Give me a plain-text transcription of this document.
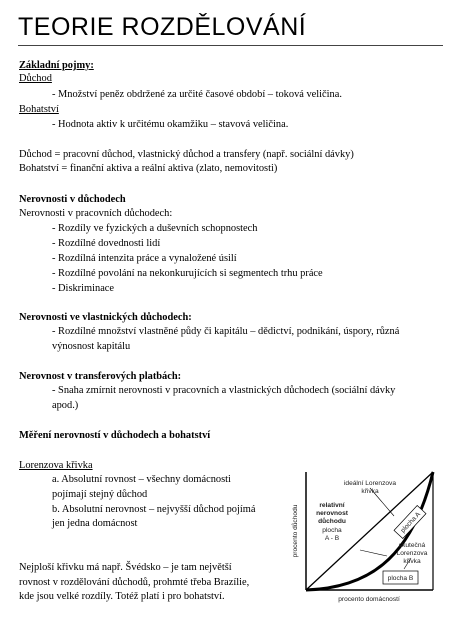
TEORIE ROZDĚLOVÁNÍ
Základní pojmy:
Důchod
- Množství peněz obdržené za určité časové období – toková veličina.
Bohatství
- Hodnota aktiv k určitému okamžiku – stavová veličina.
Důchod = pracovní důchod, vlastnický důchod a transfery (např. sociální dávky)
Bohatství = finanční aktiva a reální aktiva (zlato, nemovitosti)
Nerovnosti v důchodech
Nerovnosti v pracovních důchodech:
- Rozdíly ve fyzických a duševních schopnostech
- Rozdílné dovednosti lidí
- Rozdílná intenzita práce a vynaložené úsilí
- Rozdílné povolání na nekonkurujících si segmentech trhu práce
- Diskriminace
Nerovnosti ve vlastnických důchodech:
- Rozdílné množství vlastněné půdy či kapitálu – dědictví, podnikání, úspory, různá
výnosnost kapitálu
Nerovnost v transferových platbách:
- Snaha zmírnit nerovnosti v pracovních a vlastnických důchodech (sociální dávky
apod.)
Měření nerovností v důchodech a bohatství
Lorenzova křivka
a. Absolutní rovnost – všechny domácnosti
pojímají stejný důchod
b. Absolutní nerovnost – nejvyšší důchod pojímá
jen jedna domácnost
Nejploší křivku má např. Švédsko – je tam největší
rovnost v rozdělování důchodů, prohmté třeba Brazílie,
kde jsou velké rozdíly. Totéž platí i pro bohatství.
ideální Lorenzova
křivka
relativní
nerovnost
důchodu
plocha
A - B
skutečná
Lorenzova
křivka
plocha A
plocha B
procento domácností
procento důchodu
